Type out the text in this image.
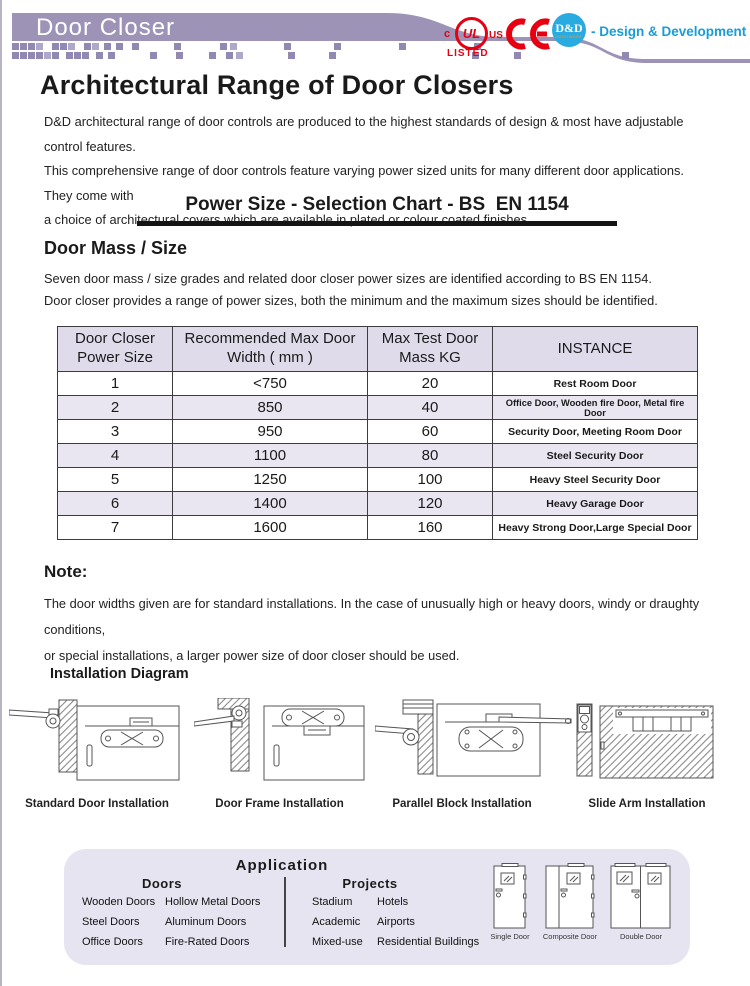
Door Closer	c UL US
LISTED
D&D
HARDWARE - Design & Development
Architectural Range of Door Closers
D&D architectural range of door controls are produced to the highest standards of design & most have adjustable control features.
This comprehensive range of door controls feature varying power sized units for many different door applications. They come with
a choice of architectural covers which are available in plated or colour coated finishes.
Power Size - Selection Chart - BS  EN 1154
Door Mass / Size
Seven door mass / size grades and related door closer power sizes are identified according to BS EN 1154.
Door closer provides a range of power sizes, both the minimum and the maximum sizes should be identified.
Door Closer Power Size	Recommended Max Door Width ( mm )	Max Test Door Mass KG	INSTANCE
1	<750	20	Rest Room Door
2	850	40	Office Door, Wooden fire Door, Metal fire Door
3	950	60	Security Door, Meeting Room Door
4	1100	80	Steel Security Door
5	1250	100	Heavy Steel Security Door
6	1400	120	Heavy Garage Door
7	1600	160	Heavy Strong Door,Large Special Door
Note:
The door widths given are for standard installations. In the case of unusually high or heavy doors, windy or draughty conditions,
or special installations, a larger power size of door closer should be used.
Installation Diagram
Standard Door Installation	Door Frame Installation	Parallel Block Installation	Slide Arm Installation
Application
Doors	Projects
Wooden Doors
Steel Doors
Office Doors
Hollow Metal Doors
Aluminum Doors
Fire-Rated Doors
Stadium
Academic
Mixed-use
Hotels
Airports
Residential Buildings	Single Door	Composite Door	Double Door
